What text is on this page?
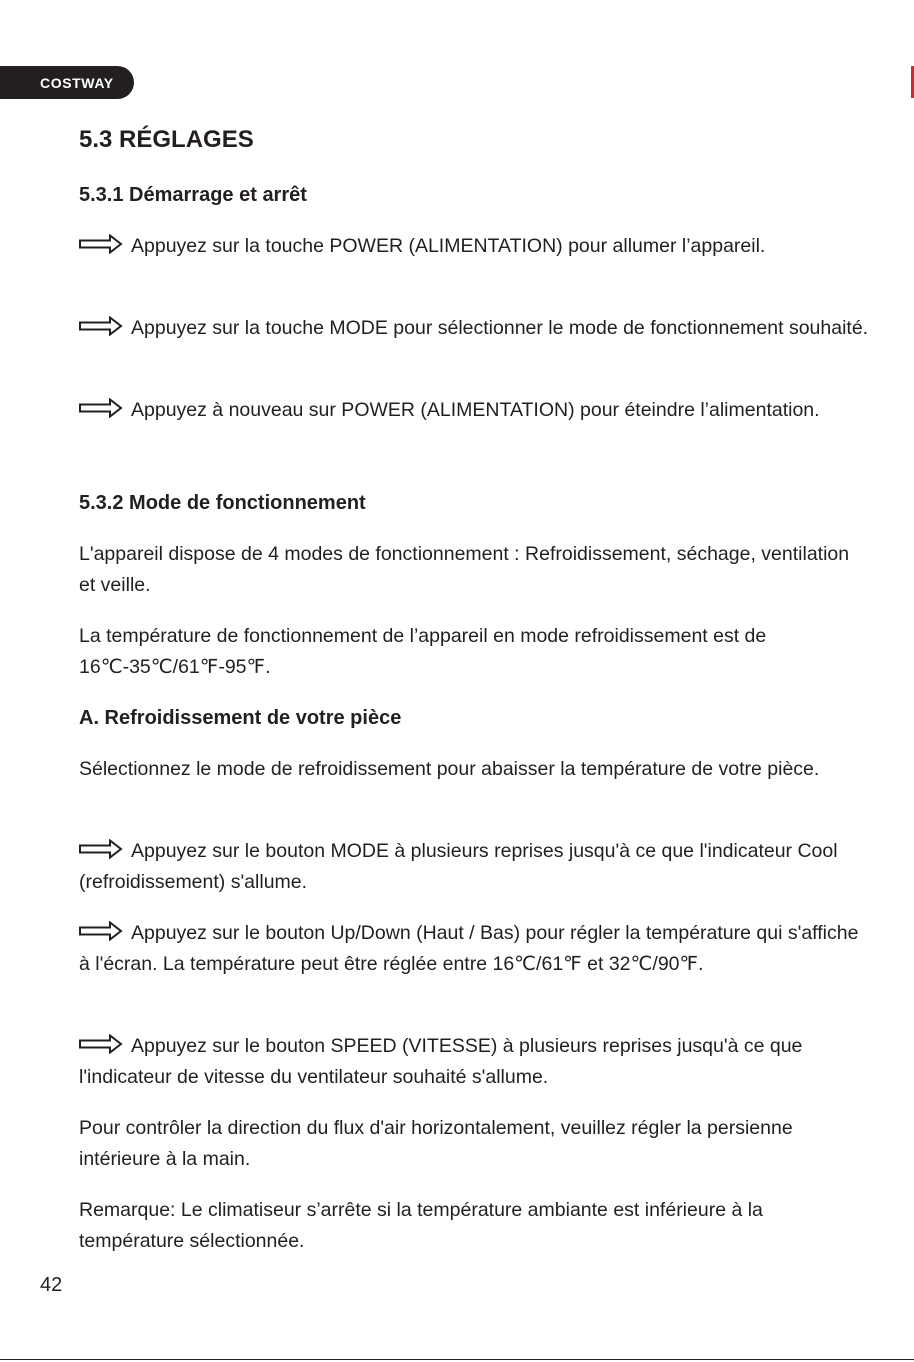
COSTWAY
5.3 RÉGLAGES
5.3.1 Démarrage et arrêt

Appuyez sur la touche POWER (ALIMENTATION) pour allumer l’appareil.

Appuyez sur la touche MODE pour sélectionner le mode de fonctionnement souhaité.

Appuyez à nouveau sur POWER (ALIMENTATION) pour éteindre l’alimentation.

5.3.2 Mode de fonctionnement

L'appareil dispose de 4 modes de fonctionnement : Refroidissement, séchage, ventilation et veille.

La température de fonctionnement de l’appareil en mode refroidissement est de 16℃-35℃/61℉-95℉.

A. Refroidissement de votre pièce

Sélectionnez le mode de refroidissement pour abaisser la température de votre pièce.

Appuyez sur le bouton MODE à plusieurs reprises jusqu'à ce que l'indicateur Cool (refroidissement) s'allume.

Appuyez sur le bouton Up/Down (Haut / Bas) pour régler la température qui s'affiche à l'écran. La température peut être réglée entre 16℃/61℉ et 32℃/90℉.

Appuyez sur le bouton SPEED (VITESSE) à plusieurs reprises jusqu'à ce que l'indicateur de vitesse du ventilateur souhaité s'allume.

Pour contrôler la direction du flux d'air horizontalement, veuillez régler la persienne intérieure à la main.

Remarque: Le climatiseur s’arrête si la température ambiante est inférieure à la température sélectionnée.

42
